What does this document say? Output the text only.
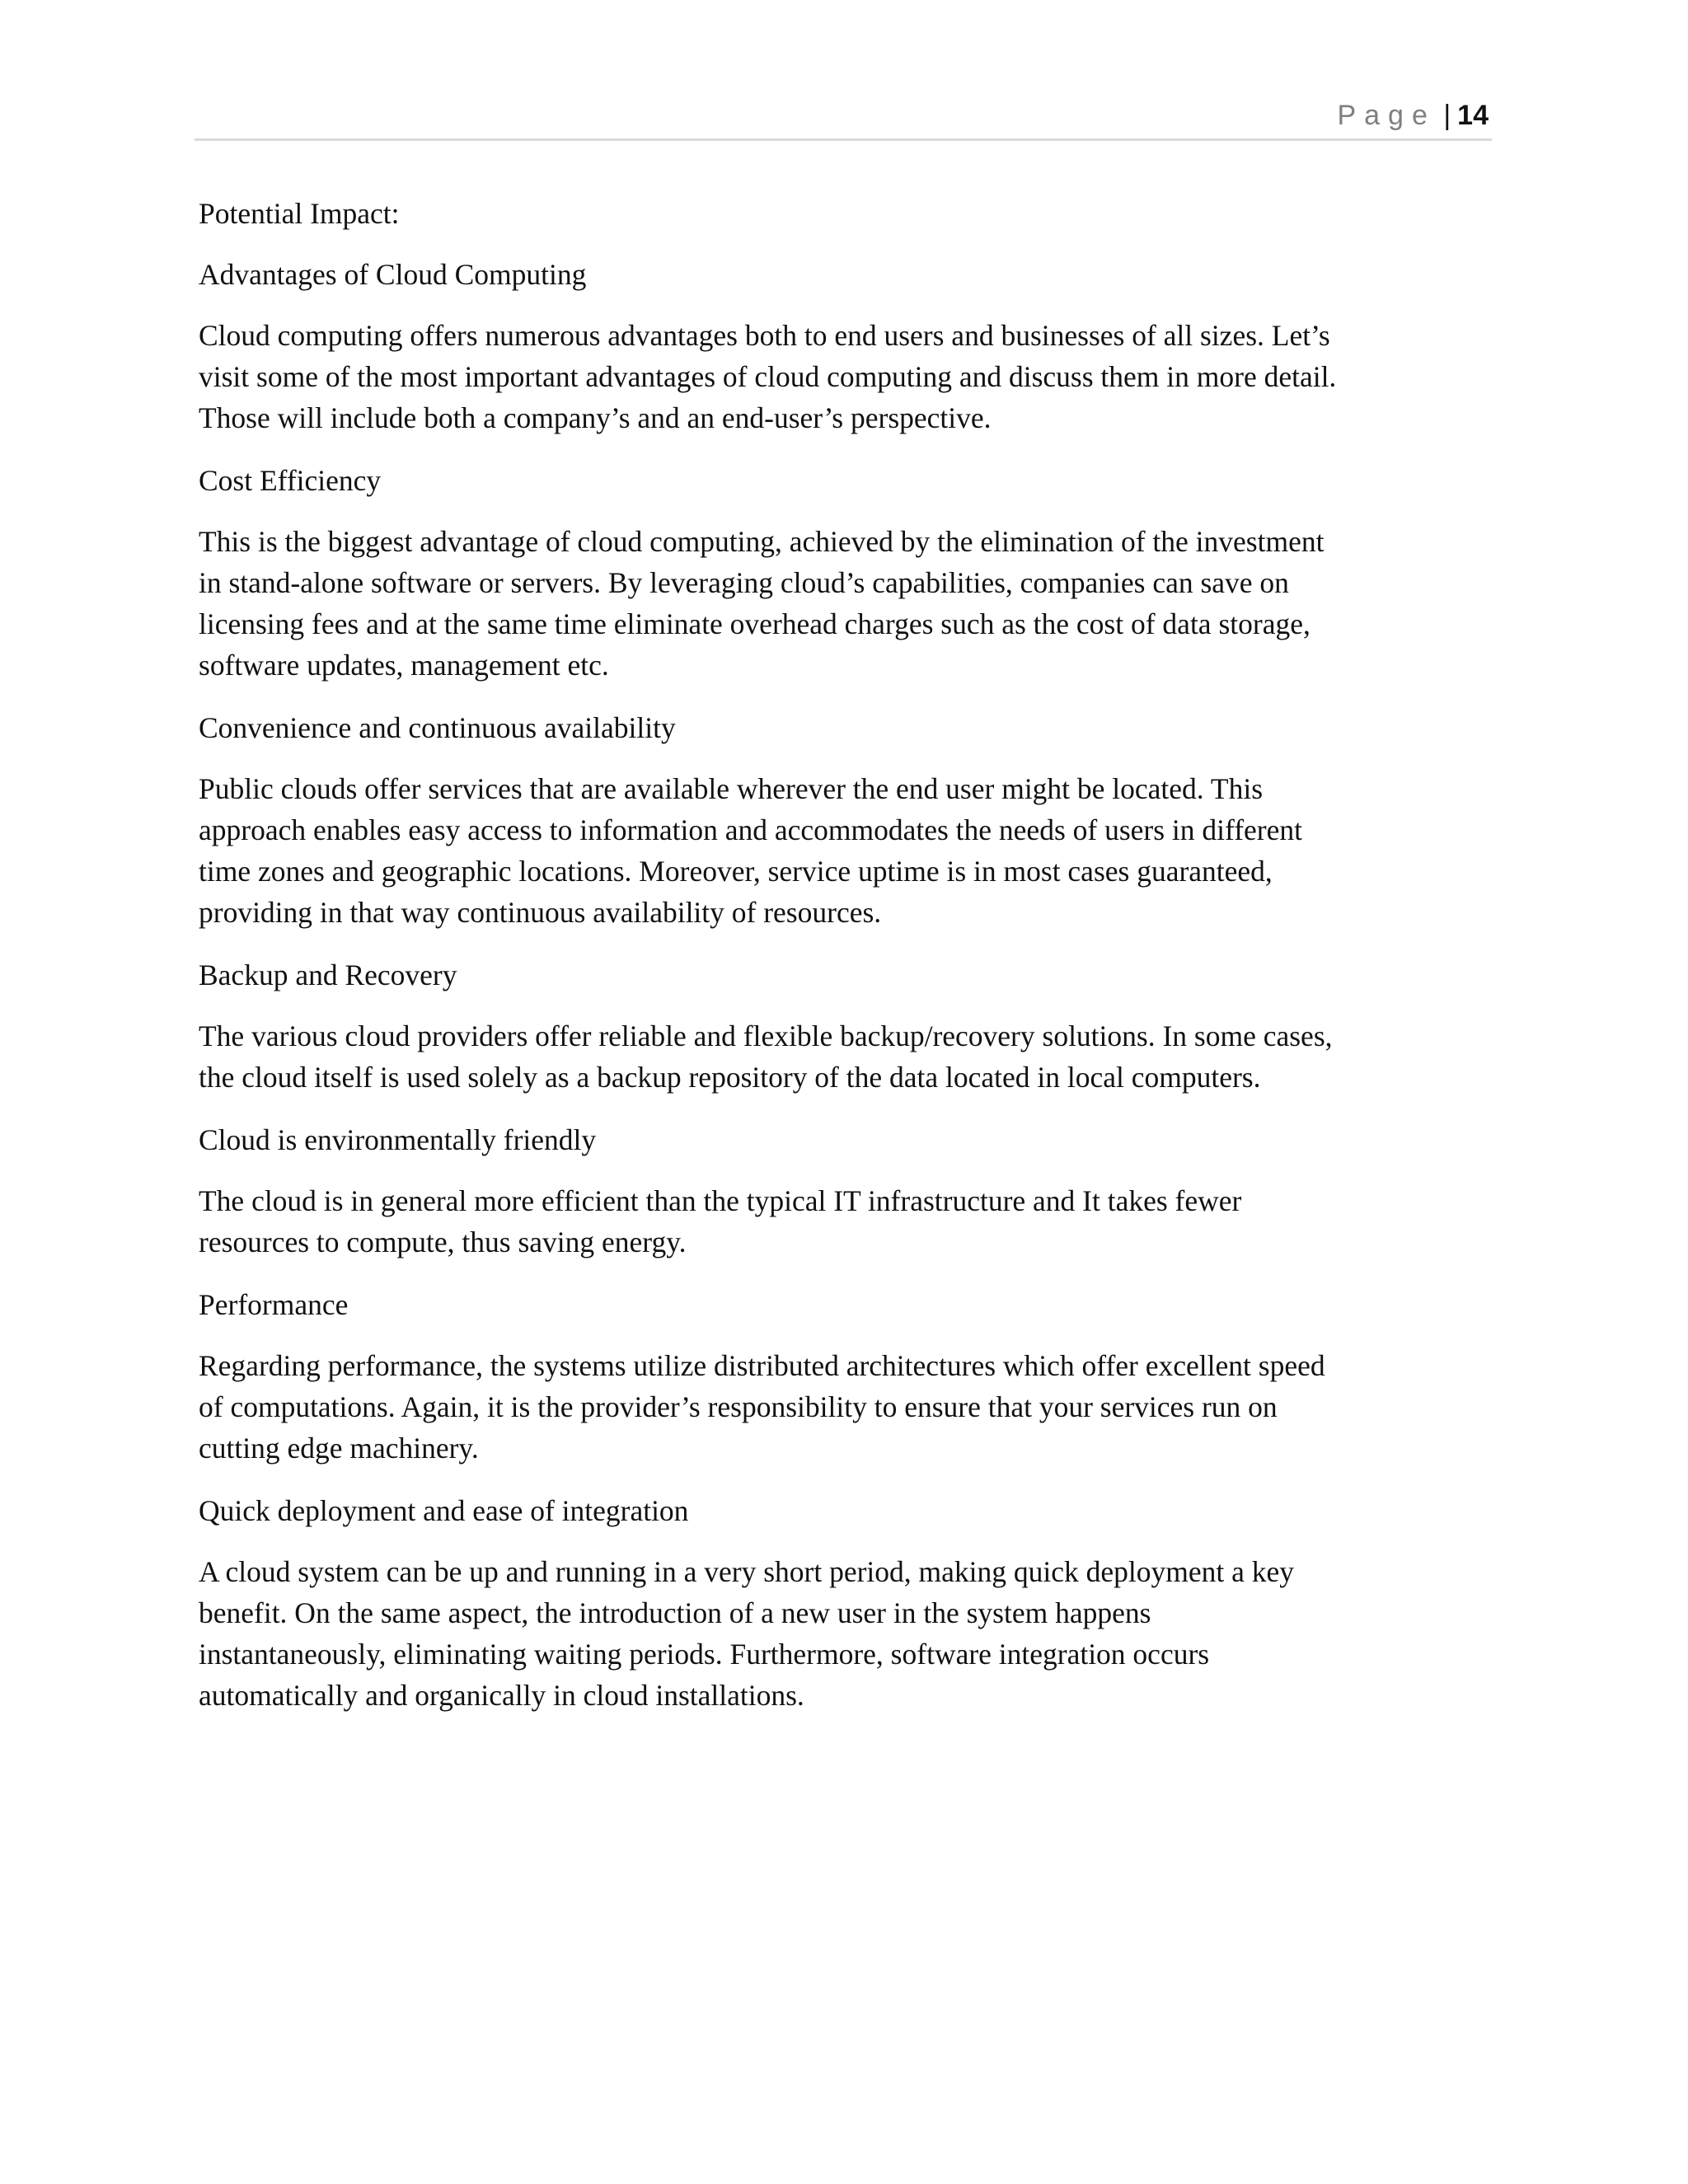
Page | 14

Potential Impact:

Advantages of Cloud Computing

Cloud computing offers numerous advantages both to end users and businesses of all sizes. Let’s
visit some of the most important advantages of cloud computing and discuss them in more detail.
Those will include both a company’s and an end-user’s perspective.

Cost Efficiency

This is the biggest advantage of cloud computing, achieved by the elimination of the investment
in stand-alone software or servers. By leveraging cloud’s capabilities, companies can save on
licensing fees and at the same time eliminate overhead charges such as the cost of data storage,
software updates, management etc.

Convenience and continuous availability

Public clouds offer services that are available wherever the end user might be located. This
approach enables easy access to information and accommodates the needs of users in different
time zones and geographic locations. Moreover, service uptime is in most cases guaranteed,
providing in that way continuous availability of resources.

Backup and Recovery

The various cloud providers offer reliable and flexible backup/recovery solutions. In some cases,
the cloud itself is used solely as a backup repository of the data located in local computers.

Cloud is environmentally friendly

The cloud is in general more efficient than the typical IT infrastructure and It takes fewer
resources to compute, thus saving energy.

Performance

Regarding performance, the systems utilize distributed architectures which offer excellent speed
of computations. Again, it is the provider’s responsibility to ensure that your services run on
cutting edge machinery.

Quick deployment and ease of integration

A cloud system can be up and running in a very short period, making quick deployment a key
benefit. On the same aspect, the introduction of a new user in the system happens
instantaneously, eliminating waiting periods. Furthermore, software integration occurs
automatically and organically in cloud installations.
